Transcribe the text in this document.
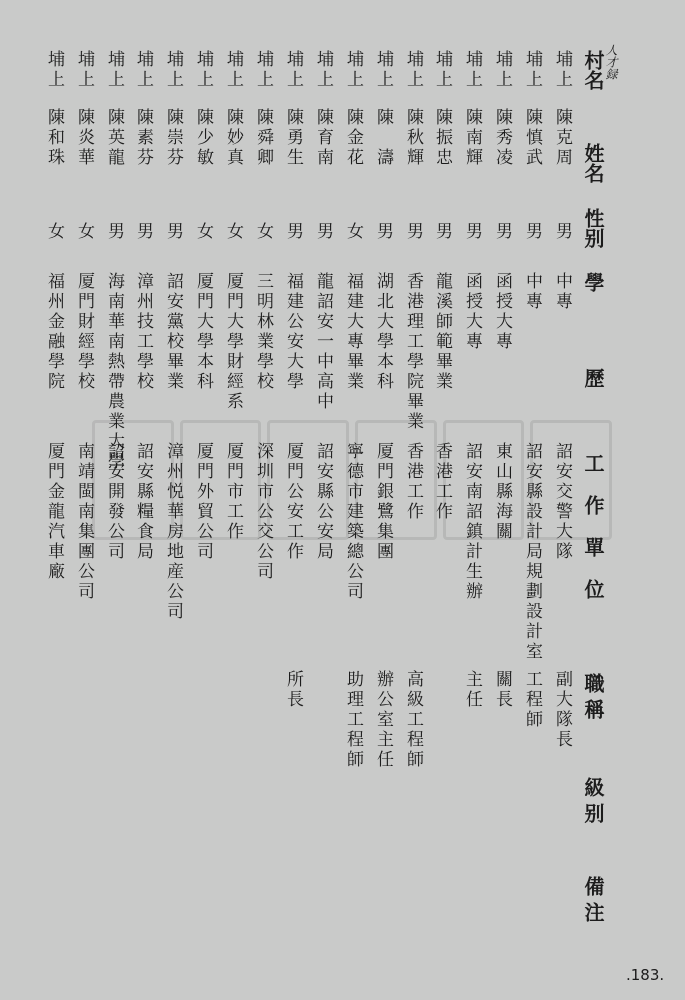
人才録
村名
姓名
性别
學　歷
工作單位
職稱
級别
備注
埔上
陳克周
男
中專
詔安交警大隊
副大隊長
埔上
陳慎武
男
中專
詔安縣設計局規劃設計室
工程師
埔上
陳秀凌
男
函授大專
東山縣海關
關長
埔上
陳南輝
男
函授大專
詔安南詔鎮計生辦
主任
埔上
陳振忠
男
龍溪師範畢業
香港工作
埔上
陳秋輝
男
香港理工學院畢業
香港工作
高級工程師
埔上
陳　濤
男
湖北大學本科
厦門銀鷺集團
辦公室主任
埔上
陳金花
女
福建大專畢業
寧德市建築總公司
助理工程師
埔上
陳育南
男
龍詔安一中高中
詔安縣公安局
埔上
陳勇生
男
福建公安大學
厦門公安工作
所長
埔上
陳舜卿
女
三明林業學校
深圳市公交公司
埔上
陳妙真
女
厦門大學財經系
厦門市工作
埔上
陳少敏
女
厦門大學本科
厦門外貿公司
埔上
陳崇芬
男
詔安黨校畢業
漳州悦華房地産公司
埔上
陳素芬
男
漳州技工學校
詔安縣糧食局
埔上
陳英龍
男
海南華南熱帶農業大學
詔安開發公司
埔上
陳炎華
女
厦門財經學校
南靖閩南集團公司
埔上
陳和珠
女
福州金融學院
厦門金龍汽車廠
.183.
